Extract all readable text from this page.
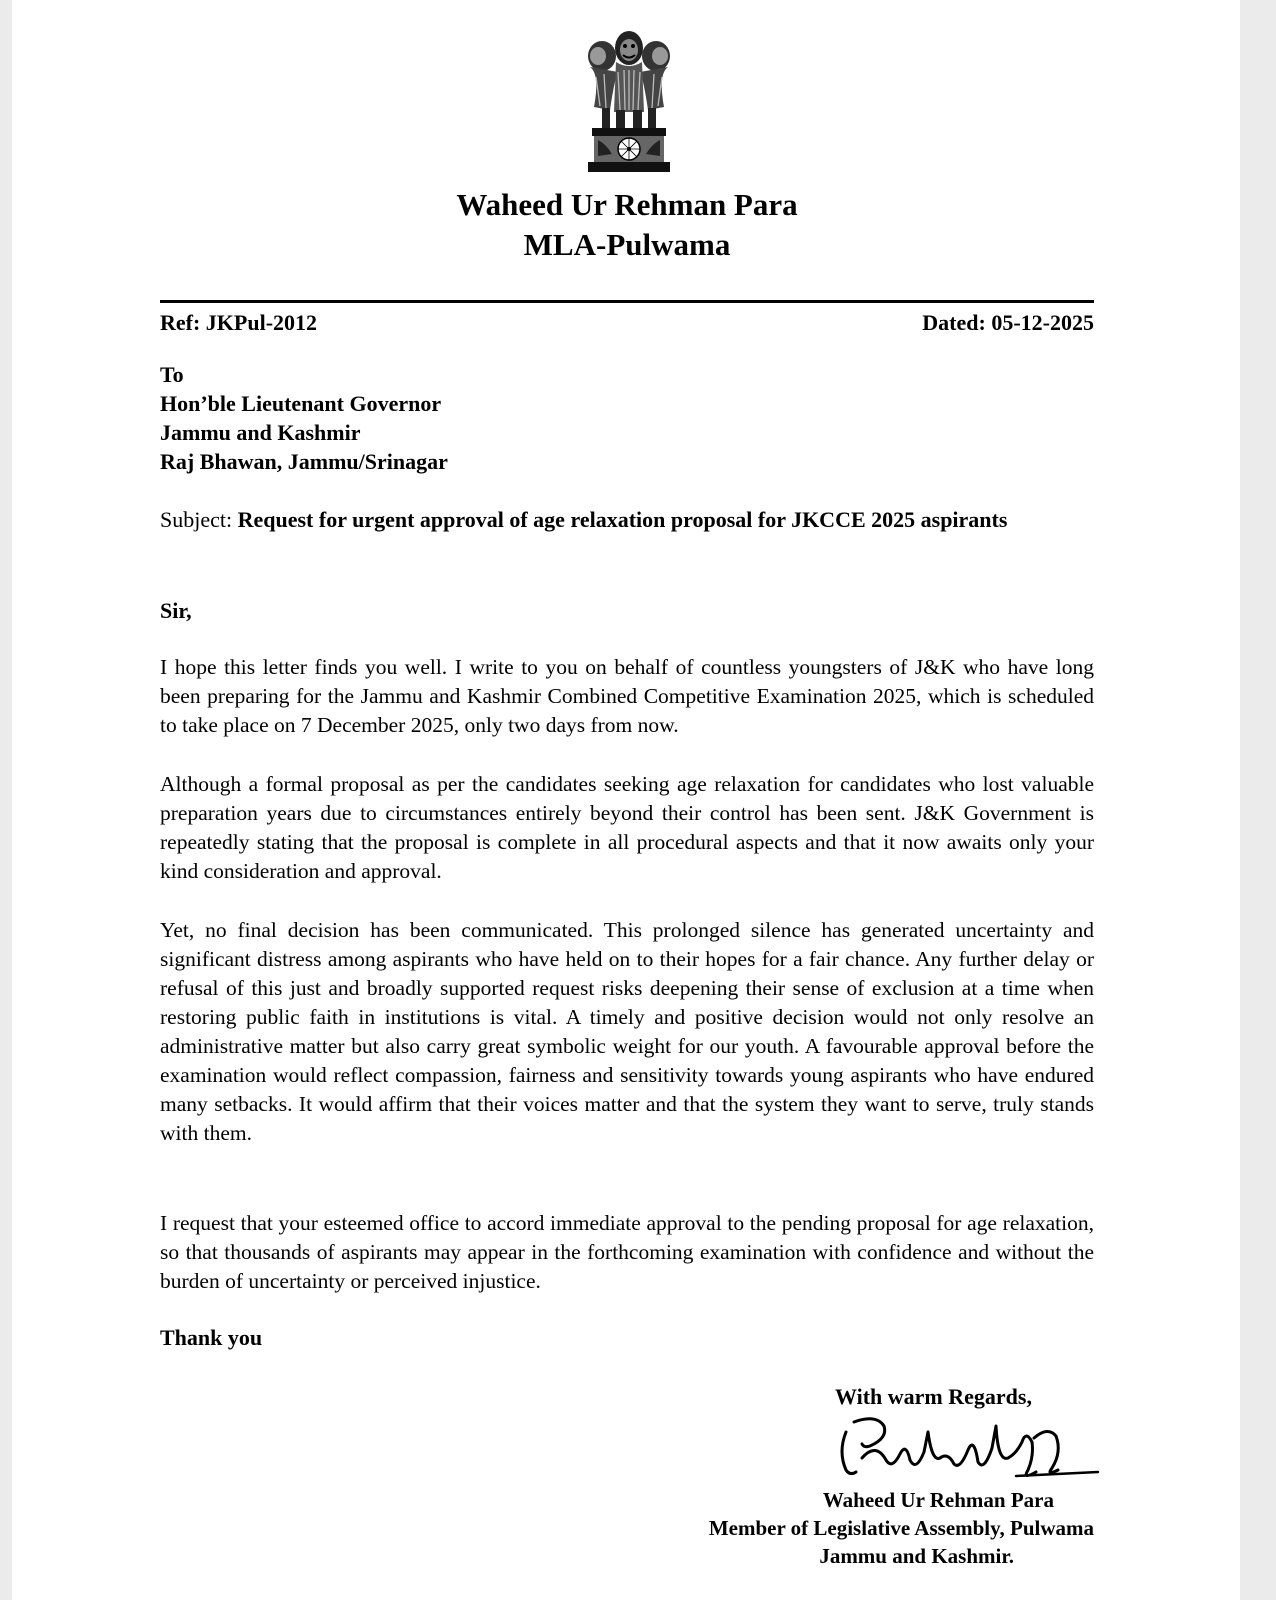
Waheed Ur Rehman Para
MLA-Pulwama
Ref: JKPul-2012	Dated: 05-12-2025
To
Hon’ble Lieutenant Governor
Jammu and Kashmir
Raj Bhawan, Jammu/Srinagar
Subject: Request for urgent approval of age relaxation proposal for JKCCE 2025 aspirants
Sir,
I hope this letter finds you well. I write to you on behalf of countless youngsters of J&K who have long been preparing for the Jammu and Kashmir Combined Competitive Examination 2025, which is scheduled to take place on 7 December 2025, only two days from now.
Although a formal proposal as per the candidates seeking age relaxation for candidates who lost valuable preparation years due to circumstances entirely beyond their control has been sent. J&K Government is repeatedly stating that the proposal is complete in all procedural aspects and that it now awaits only your kind consideration and approval.
Yet, no final decision has been communicated. This prolonged silence has generated uncertainty and significant distress among aspirants who have held on to their hopes for a fair chance. Any further delay or refusal of this just and broadly supported request risks deepening their sense of exclusion at a time when restoring public faith in institutions is vital. A timely and positive decision would not only resolve an administrative matter but also carry great symbolic weight for our youth. A favourable approval before the examination would reflect compassion, fairness and sensitivity towards young aspirants who have endured many setbacks. It would affirm that their voices matter and that the system they want to serve, truly stands with them.
I request that your esteemed office to accord immediate approval to the pending proposal for age relaxation, so that thousands of aspirants may appear in the forthcoming examination with confidence and without the burden of uncertainty or perceived injustice.
Thank you
With warm Regards,
Waheed Ur Rehman Para
Member of Legislative Assembly, Pulwama
Jammu and Kashmir.
